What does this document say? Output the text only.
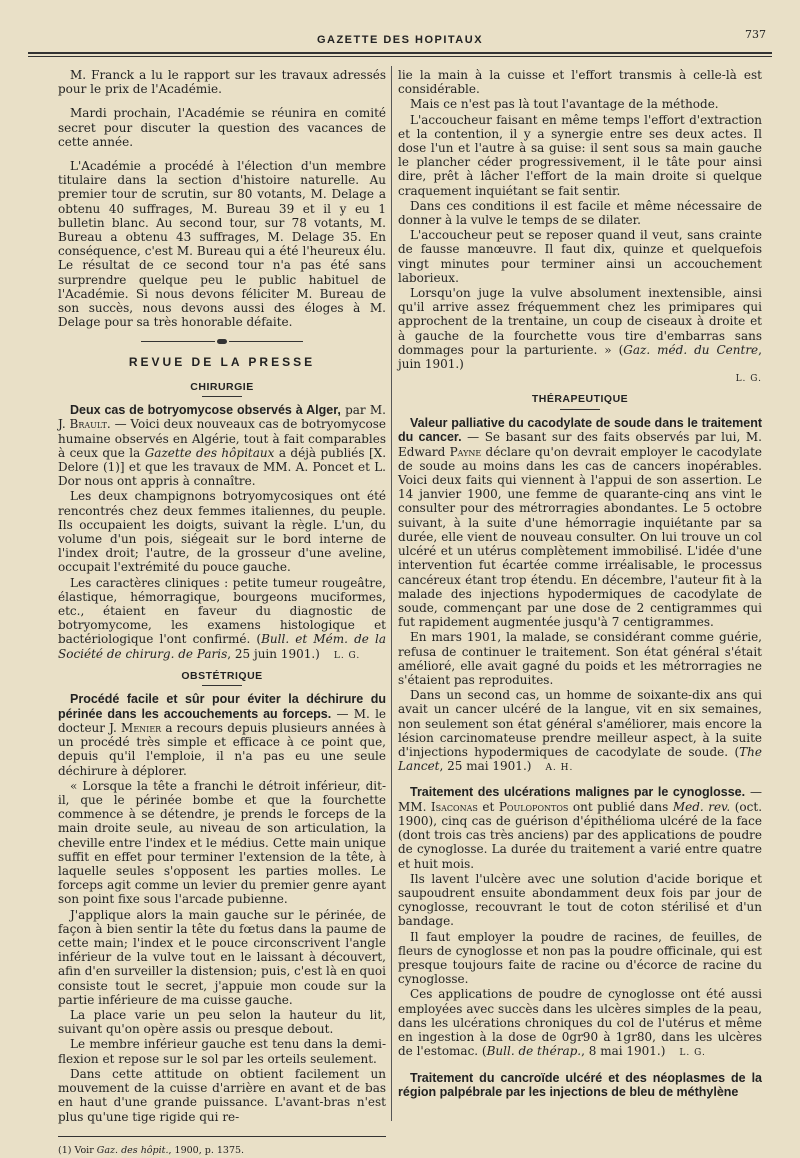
GAZETTE DES HOPITAUX	737

M. Franck a lu le rapport sur les travaux adressés pour le prix de l'Académie.

Mardi prochain, l'Académie se réunira en comité secret pour discuter la question des vacances de cette année.

L'Académie a procédé à l'élection d'un membre titulaire dans la section d'histoire naturelle. Au premier tour de scrutin, sur 80 votants, M. Delage a obtenu 40 suffrages, M. Bureau 39 et il y eu 1 bulletin blanc. Au second tour, sur 78 votants, M. Bureau a obtenu 43 suffrages, M. Delage 35. En conséquence, c'est M. Bureau qui a été l'heureux élu. Le résultat de ce second tour n'a pas été sans surprendre quelque peu le public habituel de l'Académie. Si nous devons féliciter M. Bureau de son succès, nous devons aussi des éloges à M. Delage pour sa très honorable défaite.

REVUE DE LA PRESSE
CHIRURGIE

Deux cas de botryomycose observés à Alger, par M. J. Brault. — Voici deux nouveaux cas de botryomycose humaine observés en Algérie, tout à fait comparables à ceux que la Gazette des hôpitaux a déjà publiés [X. Delore (1)] et que les travaux de MM. A. Poncet et L. Dor nous ont appris à connaître.

Les deux champignons botryomycosiques ont été rencontrés chez deux femmes italiennes, du peuple. Ils occupaient les doigts, suivant la règle. L'un, du volume d'un pois, siégeait sur le bord interne de l'index droit; l'autre, de la grosseur d'une aveline, occupait l'extrémité du pouce gauche.

Les caractères cliniques : petite tumeur rougeâtre, élastique, hémorragique, bourgeons muciformes, etc., étaient en faveur du diagnostic de botryomycome, les examens histologique et bactériologique l'ont confirmé. (Bull. et Mém. de la Société de chirurg. de Paris, 25 juin 1901.) L. G.

OBSTÉTRIQUE

Procédé facile et sûr pour éviter la déchirure du périnée dans les accouchements au forceps. — M. le docteur J. Menier a recours depuis plusieurs années à un procédé très simple et efficace à ce point que, depuis qu'il l'emploie, il n'a pas eu une seule déchirure à déplorer.

« Lorsque la tête a franchi le détroit inférieur, dit-il, que le périnée bombe et que la fourchette commence à se détendre, je prends le forceps de la main droite seule, au niveau de son articulation, la cheville entre l'index et le médius. Cette main unique suffit en effet pour terminer l'extension de la tête, à laquelle seules s'opposent les parties molles. Le forceps agit comme un levier du premier genre ayant son point fixe sous l'arcade pubienne.

J'applique alors la main gauche sur le périnée, de façon à bien sentir la tête du fœtus dans la paume de cette main; l'index et le pouce circonscrivent l'angle inférieur de la vulve tout en le laissant à découvert, afin d'en surveiller la distension; puis, c'est là en quoi consiste tout le secret, j'appuie mon coude sur la partie inférieure de ma cuisse gauche.

La place varie un peu selon la hauteur du lit, suivant qu'on opère assis ou presque debout.

Le membre inférieur gauche est tenu dans la demi-flexion et repose sur le sol par les orteils seulement.

Dans cette attitude on obtient facilement un mouvement de la cuisse d'arrière en avant et de bas en haut d'une grande puissance. L'avant-bras n'est plus qu'une tige rigide qui re-

(1) Voir Gaz. des hôpit., 1900, p. 1375.

lie la main à la cuisse et l'effort transmis à celle-là est considérable.

Mais ce n'est pas là tout l'avantage de la méthode.

L'accoucheur faisant en même temps l'effort d'extraction et la contention, il y a synergie entre ses deux actes. Il dose l'un et l'autre à sa guise: il sent sous sa main gauche le plancher céder progressivement, il le tâte pour ainsi dire, prêt à lâcher l'effort de la main droite si quelque craquement inquiétant se fait sentir.

Dans ces conditions il est facile et même nécessaire de donner à la vulve le temps de se dilater.

L'accoucheur peut se reposer quand il veut, sans crainte de fausse manœuvre. Il faut dix, quinze et quelquefois vingt minutes pour terminer ainsi un accouchement laborieux.

Lorsqu'on juge la vulve absolument inextensible, ainsi qu'il arrive assez fréquemment chez les primipares qui approchent de la trentaine, un coup de ciseaux à droite et à gauche de la fourchette vous tire d'embarras sans dommages pour la parturiente. » (Gaz. méd. du Centre, juin 1901.)

L. G.
THÉRAPEUTIQUE

Valeur palliative du cacodylate de soude dans le traitement du cancer. — Se basant sur des faits observés par lui, M. Edward Payne déclare qu'on devrait employer le cacodylate de soude au moins dans les cas de cancers inopérables. Voici deux faits qui viennent à l'appui de son assertion. Le 14 janvier 1900, une femme de quarante-cinq ans vint le consulter pour des métrorragies abondantes. Le 5 octobre suivant, à la suite d'une hémorragie inquiétante par sa durée, elle vient de nouveau consulter. On lui trouve un col ulcéré et un utérus complètement immobilisé. L'idée d'une intervention fut écartée comme irréalisable, le processus cancéreux étant trop étendu. En décembre, l'auteur fit à la malade des injections hypodermiques de cacodylate de soude, commençant par une dose de 2 centigrammes qui fut rapidement augmentée jusqu'à 7 centigrammes.

En mars 1901, la malade, se considérant comme guérie, refusa de continuer le traitement. Son état général s'était amélioré, elle avait gagné du poids et les métrorragies ne s'étaient pas reproduites.

Dans un second cas, un homme de soixante-dix ans qui avait un cancer ulcéré de la langue, vit en six semaines, non seulement son état général s'améliorer, mais encore la lésion carcinomateuse prendre meilleur aspect, à la suite d'injections hypodermiques de cacodylate de soude. (The Lancet, 25 mai 1901.) A. H.

Traitement des ulcérations malignes par le cynoglosse. — MM. Isaconas et Poulopontos ont publié dans Med. rev. (oct. 1900), cinq cas de guérison d'épithélioma ulcéré de la face (dont trois cas très anciens) par des applications de poudre de cynoglosse. La durée du traitement a varié entre quatre et huit mois.

Ils lavent l'ulcère avec une solution d'acide borique et saupoudrent ensuite abondamment deux fois par jour de cynoglosse, recouvrant le tout de coton stérilisé et d'un bandage.

Il faut employer la poudre de racines, de feuilles, de fleurs de cynoglosse et non pas la poudre officinale, qui est presque toujours faite de racine ou d'écorce de racine du cynoglosse.

Ces applications de poudre de cynoglosse ont été aussi employées avec succès dans les ulcères simples de la peau, dans les ulcérations chroniques du col de l'utérus et même en ingestion à la dose de 0gr90 à 1gr80, dans les ulcères de l'estomac. (Bull. de thérap., 8 mai 1901.) L. G.

Traitement du cancroïde ulcéré et des néoplasmes de la région palpébrale par les injections de bleu de méthylène
